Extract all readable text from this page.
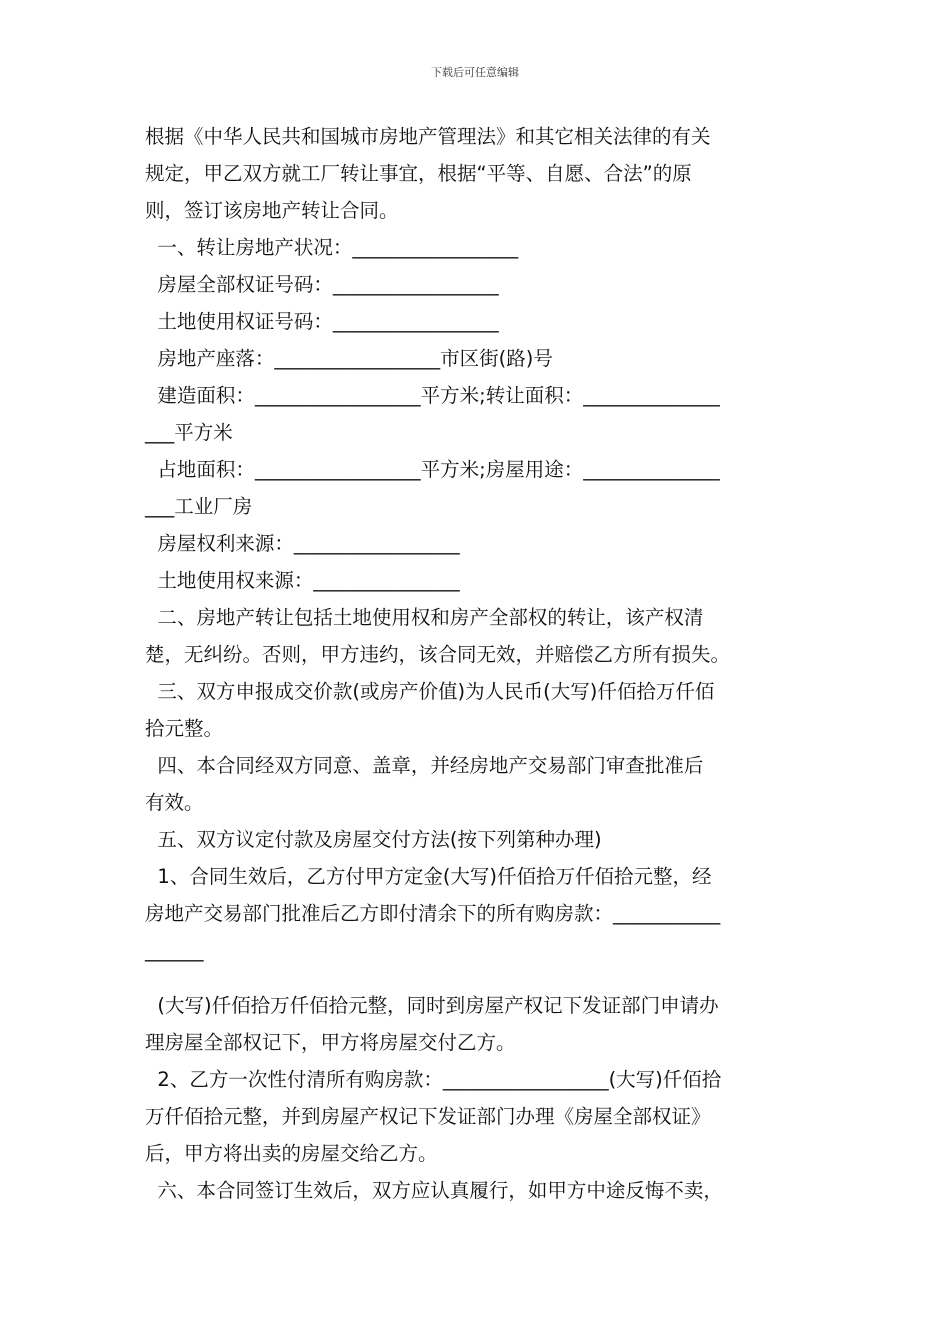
下载后可任意编辑

根据《中华人民共和国城市房地产管理法》和其它相关法律的有关

规定，甲乙双方就工厂转让事宜，根据“平等、自愿、合法”的原

则，签订该房地产转让合同。

一、转让房地产状况：_________________

房屋全部权证号码：_________________

土地使用权证号码：_________________

房地产座落：_________________市区街(路)号

建造面积：_________________平方米;转让面积：______________

___平方米

占地面积：_________________平方米;房屋用途：______________

___工业厂房

房屋权利来源：_________________

土地使用权来源：_______________

二、房地产转让包括土地使用权和房产全部权的转让，该产权清

楚，无纠纷。否则，甲方违约，该合同无效，并赔偿乙方所有损失。

三、双方申报成交价款(或房产价值)为人民币(大写)仟佰拾万仟佰

拾元整。

四、本合同经双方同意、盖章，并经房地产交易部门审查批准后

有效。

五、双方议定付款及房屋交付方法(按下列第种办理)

1、合同生效后，乙方付甲方定金(大写)仟佰拾万仟佰拾元整，经

房地产交易部门批准后乙方即付清余下的所有购房款：___________

______

(大写)仟佰拾万仟佰拾元整，同时到房屋产权记下发证部门申请办

理房屋全部权记下，甲方将房屋交付乙方。

2、乙方一次性付清所有购房款：_________________(大写)仟佰拾

万仟佰拾元整，并到房屋产权记下发证部门办理《房屋全部权证》

后，甲方将出卖的房屋交给乙方。

六、本合同签订生效后，双方应认真履行，如甲方中途反悔不卖，
